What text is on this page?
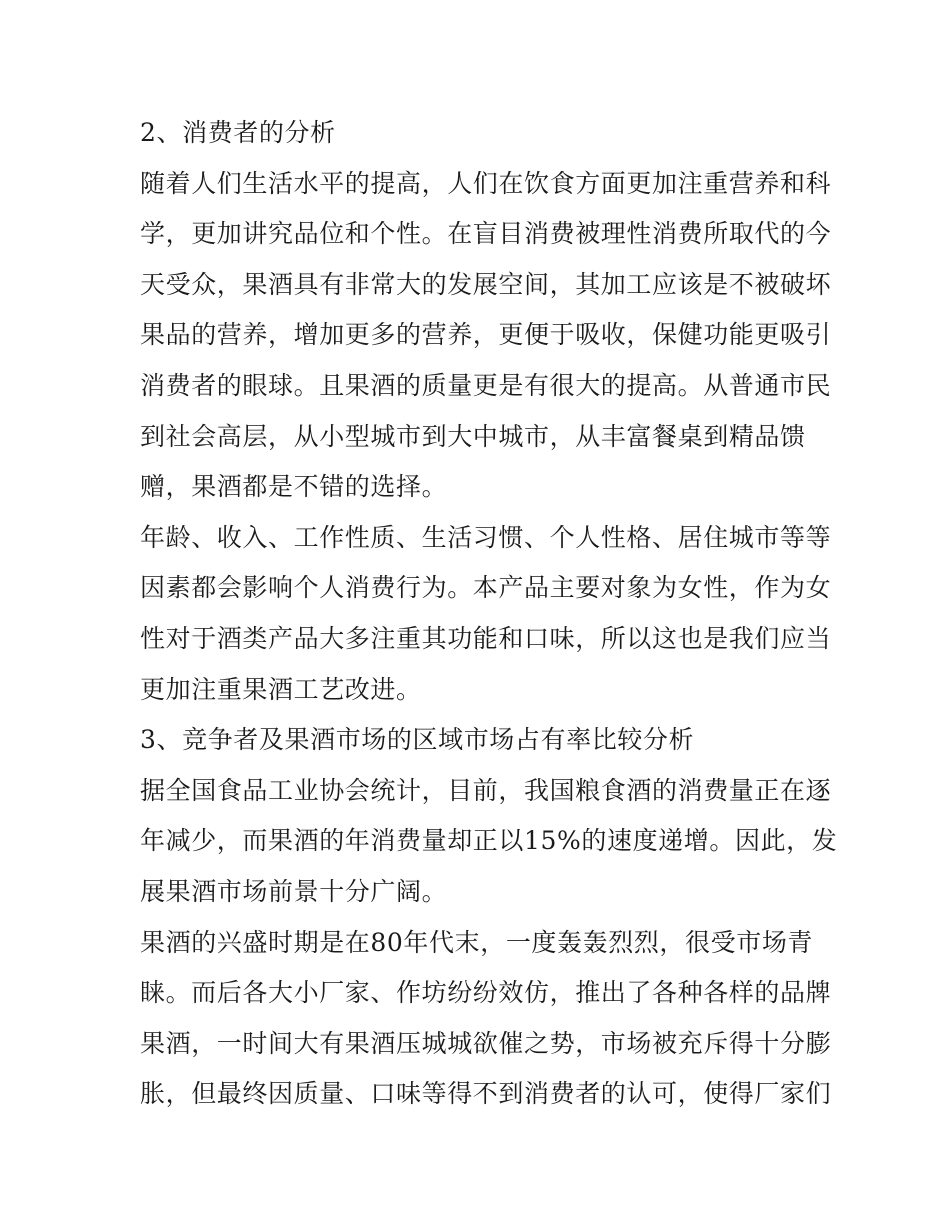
2、消费者的分析
随着人们生活水平的提高，人们在饮食方面更加注重营养和科
学，更加讲究品位和个性。在盲目消费被理性消费所取代的今
天受众，果酒具有非常大的发展空间，其加工应该是不被破坏
果品的营养，增加更多的营养，更便于吸收，保健功能更吸引
消费者的眼球。且果酒的质量更是有很大的提高。从普通市民
到社会高层，从小型城市到大中城市，从丰富餐桌到精品馈
赠，果酒都是不错的选择。
年龄、收入、工作性质、生活习惯、个人性格、居住城市等等
因素都会影响个人消费行为。本产品主要对象为女性，作为女
性对于酒类产品大多注重其功能和口味，所以这也是我们应当
更加注重果酒工艺改进。
3、竞争者及果酒市场的区域市场占有率比较分析
据全国食品工业协会统计，目前，我国粮食酒的消费量正在逐
年减少，而果酒的年消费量却正以15%的速度递增。因此，发
展果酒市场前景十分广阔。
果酒的兴盛时期是在80年代末，一度轰轰烈烈，很受市场青
睐。而后各大小厂家、作坊纷纷效仿，推出了各种各样的品牌
果酒，一时间大有果酒压城城欲催之势，市场被充斥得十分膨
胀，但最终因质量、口味等得不到消费者的认可，使得厂家们
